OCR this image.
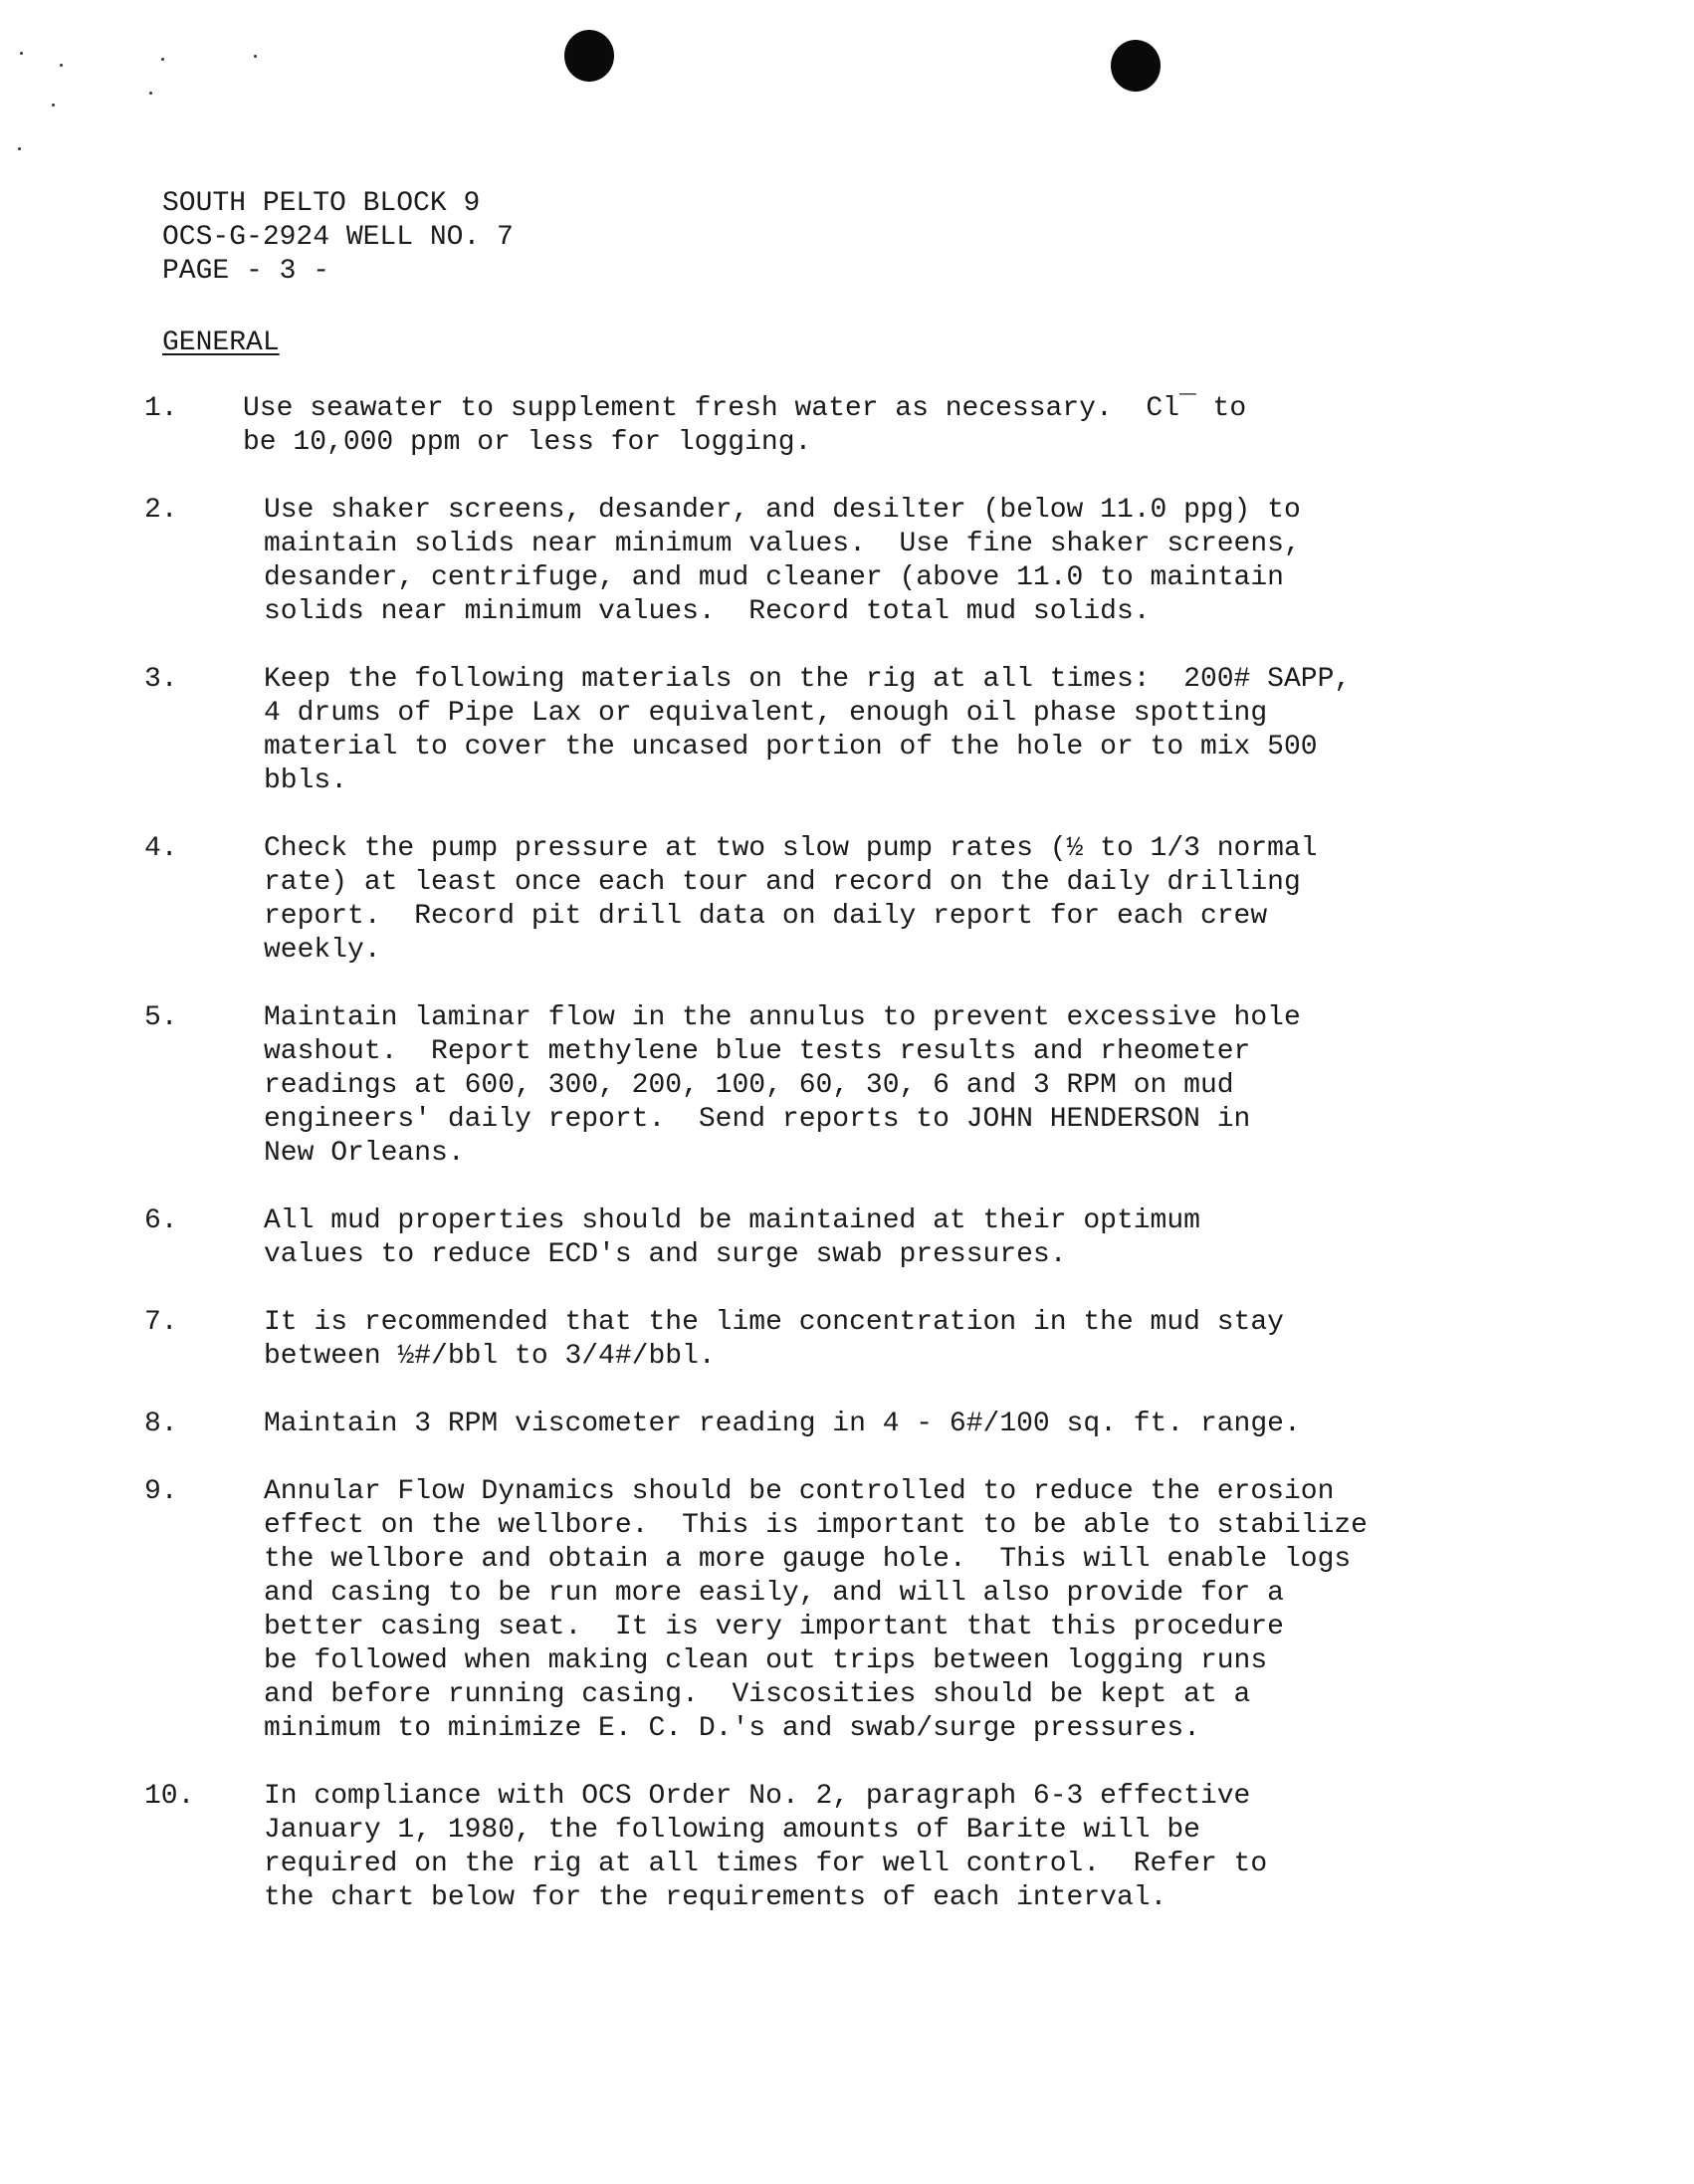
SOUTH PELTO BLOCK 9
OCS-G-2924 WELL NO. 7
PAGE - 3 -
GENERAL
1.	Use seawater to supplement fresh water as necessary.  Cl¯ to
be 10,000 ppm or less for logging.
2.	Use shaker screens, desander, and desilter (below 11.0 ppg) to
maintain solids near minimum values.  Use fine shaker screens,
desander, centrifuge, and mud cleaner (above 11.0 to maintain
solids near minimum values.  Record total mud solids.
3.	Keep the following materials on the rig at all times:  200# SAPP,
4 drums of Pipe Lax or equivalent, enough oil phase spotting
material to cover the uncased portion of the hole or to mix 500
bbls.
4.	Check the pump pressure at two slow pump rates (½ to 1/3 normal
rate) at least once each tour and record on the daily drilling
report.  Record pit drill data on daily report for each crew
weekly.
5.	Maintain laminar flow in the annulus to prevent excessive hole
washout.  Report methylene blue tests results and rheometer
readings at 600, 300, 200, 100, 60, 30, 6 and 3 RPM on mud
engineers' daily report.  Send reports to JOHN HENDERSON in
New Orleans.
6.	All mud properties should be maintained at their optimum
values to reduce ECD's and surge swab pressures.
7.	It is recommended that the lime concentration in the mud stay
between ½#/bbl to 3/4#/bbl.
8.	Maintain 3 RPM viscometer reading in 4 - 6#/100 sq. ft. range.
9.	Annular Flow Dynamics should be controlled to reduce the erosion
effect on the wellbore.  This is important to be able to stabilize
the wellbore and obtain a more gauge hole.  This will enable logs
and casing to be run more easily, and will also provide for a
better casing seat.  It is very important that this procedure
be followed when making clean out trips between logging runs
and before running casing.  Viscosities should be kept at a
minimum to minimize E. C. D.'s and swab/surge pressures.
10.	In compliance with OCS Order No. 2, paragraph 6-3 effective
January 1, 1980, the following amounts of Barite will be
required on the rig at all times for well control.  Refer to
the chart below for the requirements of each interval.
